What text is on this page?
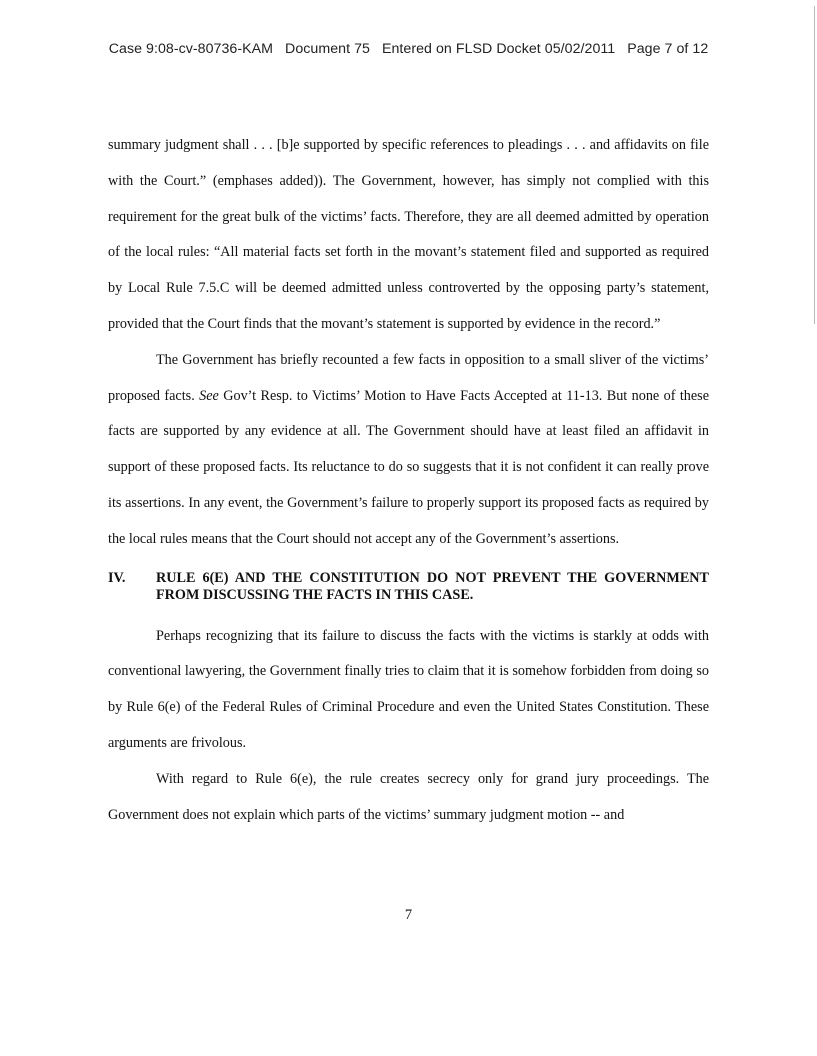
Case 9:08-cv-80736-KAM Document 75 Entered on FLSD Docket 05/02/2011 Page 7 of 12

summary judgment shall . . . [b]e supported by specific references to pleadings . . . and affidavits on file with the Court.” (emphases added)). The Government, however, has simply not complied with this requirement for the great bulk of the victims’ facts. Therefore, they are all deemed admitted by operation of the local rules: “All material facts set forth in the movant’s statement filed and supported as required by Local Rule 7.5.C will be deemed admitted unless controverted by the opposing party’s statement, provided that the Court finds that the movant’s statement is supported by evidence in the record.”

The Government has briefly recounted a few facts in opposition to a small sliver of the victims’ proposed facts. See Gov’t Resp. to Victims’ Motion to Have Facts Accepted at 11-13. But none of these facts are supported by any evidence at all. The Government should have at least filed an affidavit in support of these proposed facts. Its reluctance to do so suggests that it is not confident it can really prove its assertions. In any event, the Government’s failure to properly support its proposed facts as required by the local rules means that the Court should not accept any of the Government’s assertions.

IV.	RULE 6(E) AND THE CONSTITUTION DO NOT PREVENT THE GOVERNMENT FROM DISCUSSING THE FACTS IN THIS CASE.

Perhaps recognizing that its failure to discuss the facts with the victims is starkly at odds with conventional lawyering, the Government finally tries to claim that it is somehow forbidden from doing so by Rule 6(e) of the Federal Rules of Criminal Procedure and even the United States Constitution. These arguments are frivolous.

With regard to Rule 6(e), the rule creates secrecy only for grand jury proceedings. The Government does not explain which parts of the victims’ summary judgment motion -- and

7
